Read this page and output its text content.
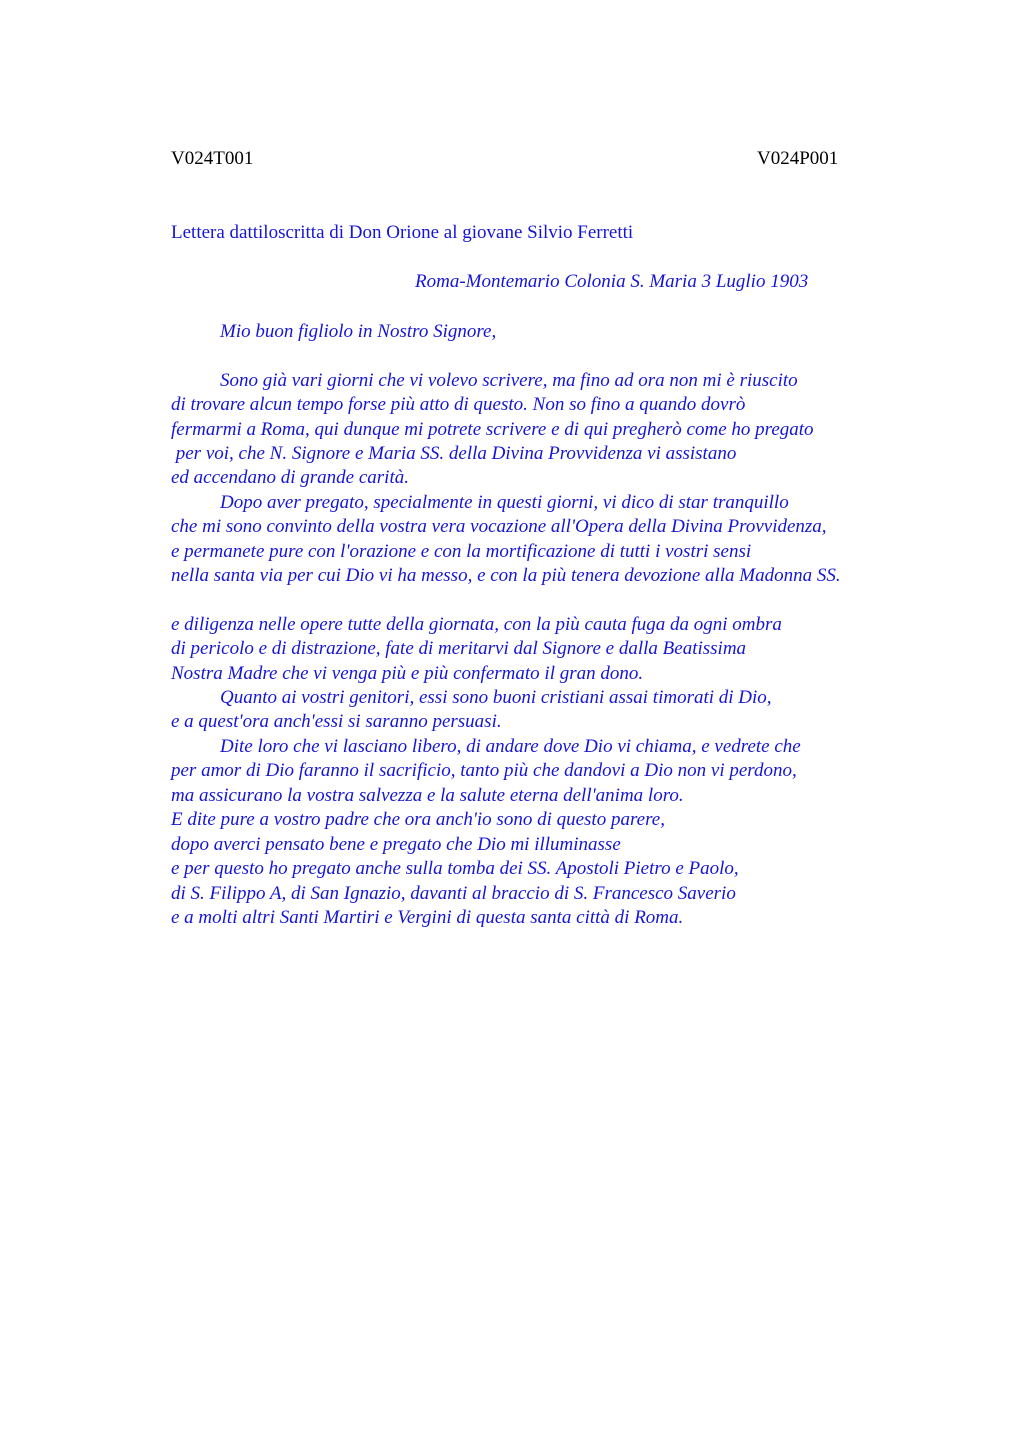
V024T001	V024P001
Lettera dattiloscritta di Don Orione al giovane Silvio Ferretti
Roma-Montemario Colonia S. Maria 3 Luglio 1903
Mio buon figliolo in Nostro Signore,
Sono già vari giorni che vi volevo scrivere, ma fino ad ora non mi è riuscito
di trovare alcun tempo forse più atto di questo. Non so fino a quando dovrò
fermarmi a Roma, qui dunque mi potrete scrivere e di qui pregherò come ho pregato
per voi, che N. Signore e Maria SS. della Divina Provvidenza vi assistano
ed accendano di grande carità.
Dopo aver pregato, specialmente in questi giorni, vi dico di star tranquillo
che mi sono convinto della vostra vera vocazione all'Opera della Divina Provvidenza,
e permanete pure con l'orazione e con la mortificazione di tutti i vostri sensi
nella santa via per cui Dio vi ha messo, e con la più tenera devozione alla Madonna SS.
e diligenza nelle opere tutte della giornata, con la più cauta fuga da ogni ombra
di pericolo e di distrazione, fate di meritarvi dal Signore e dalla Beatissima
Nostra Madre che vi venga più e più confermato il gran dono.
Quanto ai vostri genitori, essi sono buoni cristiani assai timorati di Dio,
e a quest'ora anch'essi si saranno persuasi.
Dite loro che vi lasciano libero, di andare dove Dio vi chiama, e vedrete che
per amor di Dio faranno il sacrificio, tanto più che dandovi a Dio non vi perdono,
ma assicurano la vostra salvezza e la salute eterna dell'anima loro.
E dite pure a vostro padre che ora anch'io sono di questo parere,
dopo averci pensato bene e pregato che Dio mi illuminasse
e per questo ho pregato anche sulla tomba dei SS. Apostoli Pietro e Paolo,
di S. Filippo A, di San Ignazio, davanti al braccio di S. Francesco Saverio
e a molti altri Santi Martiri e Vergini di questa santa città di Roma.
